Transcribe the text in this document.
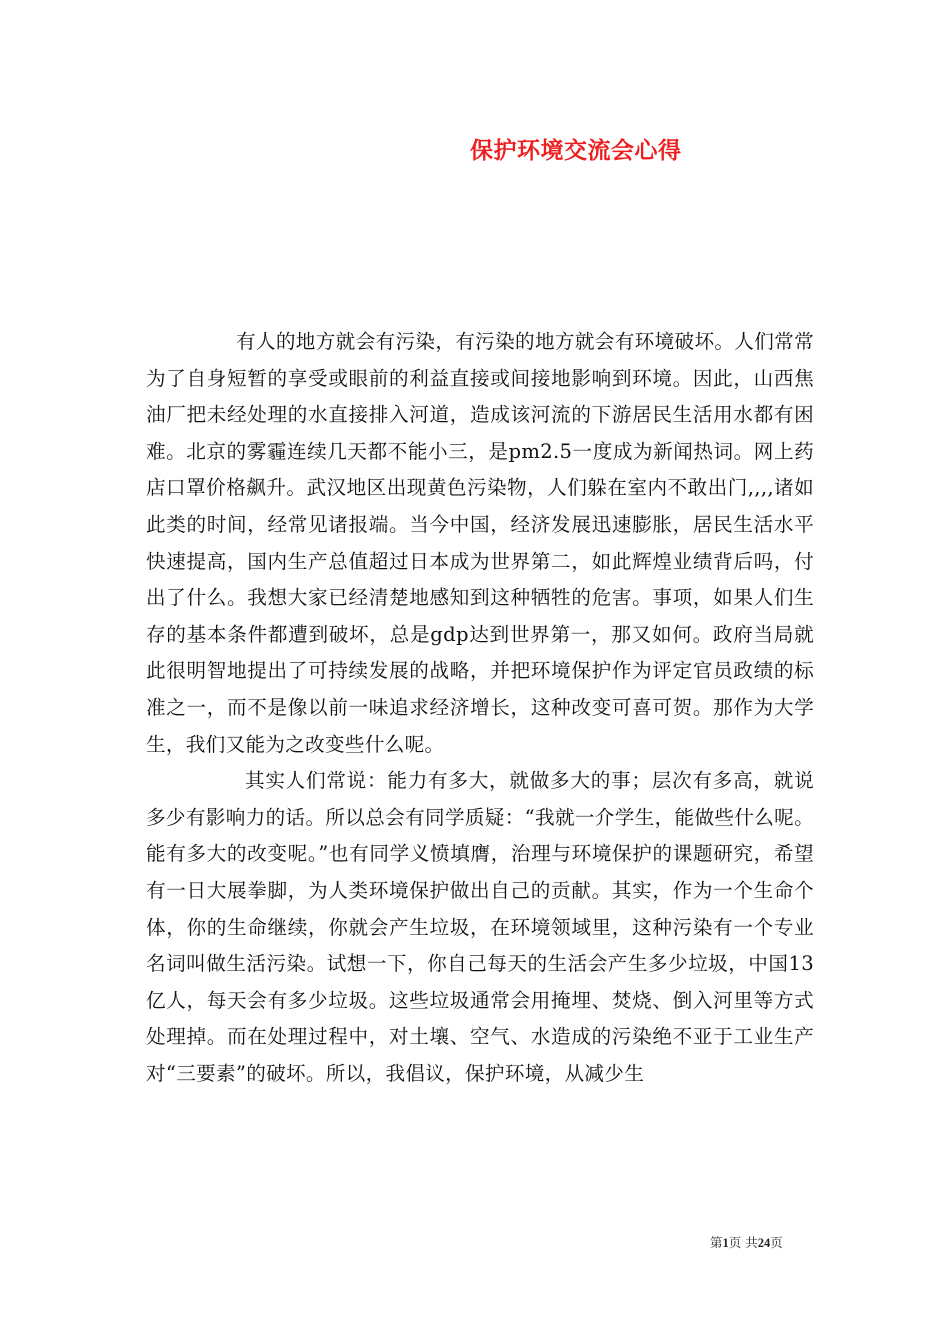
保护环境交流会心得

有人的地方就会有污染，有污染的地方就会有环境破坏。人们常常为了自身短暂的享受或眼前的利益直接或间接地影响到环境。因此，山西焦油厂把未经处理的水直接排入河道，造成该河流的下游居民生活用水都有困难。北京的雾霾连续几天都不能小三，是pm2.5一度成为新闻热词。网上药店口罩价格飙升。武汉地区出现黄色污染物，人们躲在室内不敢出门,,,,诸如此类的时间，经常见诸报端。当今中国，经济发展迅速膨胀，居民生活水平快速提高，国内生产总值超过日本成为世界第二，如此辉煌业绩背后吗，付出了什么。我想大家已经清楚地感知到这种牺牲的危害。事项，如果人们生存的基本条件都遭到破坏，总是gdp达到世界第一，那又如何。政府当局就此很明智地提出了可持续发展的战略，并把环境保护作为评定官员政绩的标准之一，而不是像以前一味追求经济增长，这种改变可喜可贺。那作为大学生，我们又能为之改变些什么呢。

其实人们常说：能力有多大，就做多大的事；层次有多高，就说多少有影响力的话。所以总会有同学质疑：“我就一介学生，能做些什么呢。能有多大的改变呢。”也有同学义愤填膺，治理与环境保护的课题研究，希望有一日大展拳脚，为人类环境保护做出自己的贡献。其实，作为一个生命个体，你的生命继续，你就会产生垃圾，在环境领域里，这种污染有一个专业名词叫做生活污染。试想一下，你自己每天的生活会产生多少垃圾，中国13亿人，每天会有多少垃圾。这些垃圾通常会用掩埋、焚烧、倒入河里等方式处理掉。而在处理过程中，对土壤、空气、水造成的污染绝不亚于工业生产对“三要素”的破坏。所以，我倡议，保护环境，从减少生

第1页 共24页
